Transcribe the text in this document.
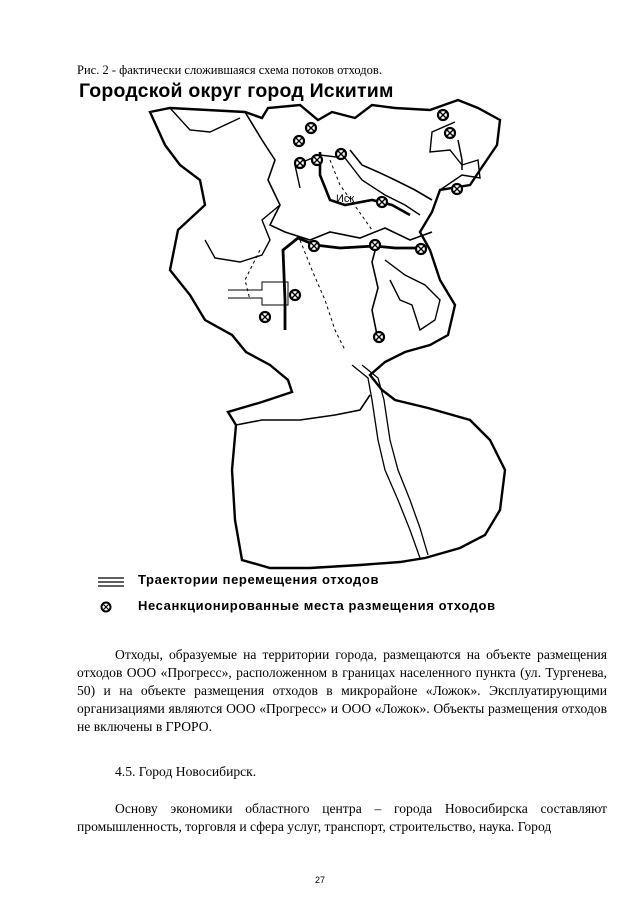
Рис. 2 - фактически сложившаяся схема потоков отходов.
Городской округ город Искитим
Иск
Траектории перемещения отходов
Несанкционированные места размещения отходов
Отходы, образуемые на территории города, размещаются на объекте размещения отходов ООО «Прогресс», расположенном в границах населенного пункта (ул. Тургенева, 50) и на объекте размещения отходов в микрорайоне «Ложок». Эксплуатирующими организациями являются ООО «Прогресс» и ООО «Ложок». Объекты размещения отходов не включены в ГРОРО.
4.5. Город Новосибирск.
Основу экономики областного центра – города Новосибирска составляют промышленность, торговля и сфера услуг, транспорт, строительство, наука. Город
27
